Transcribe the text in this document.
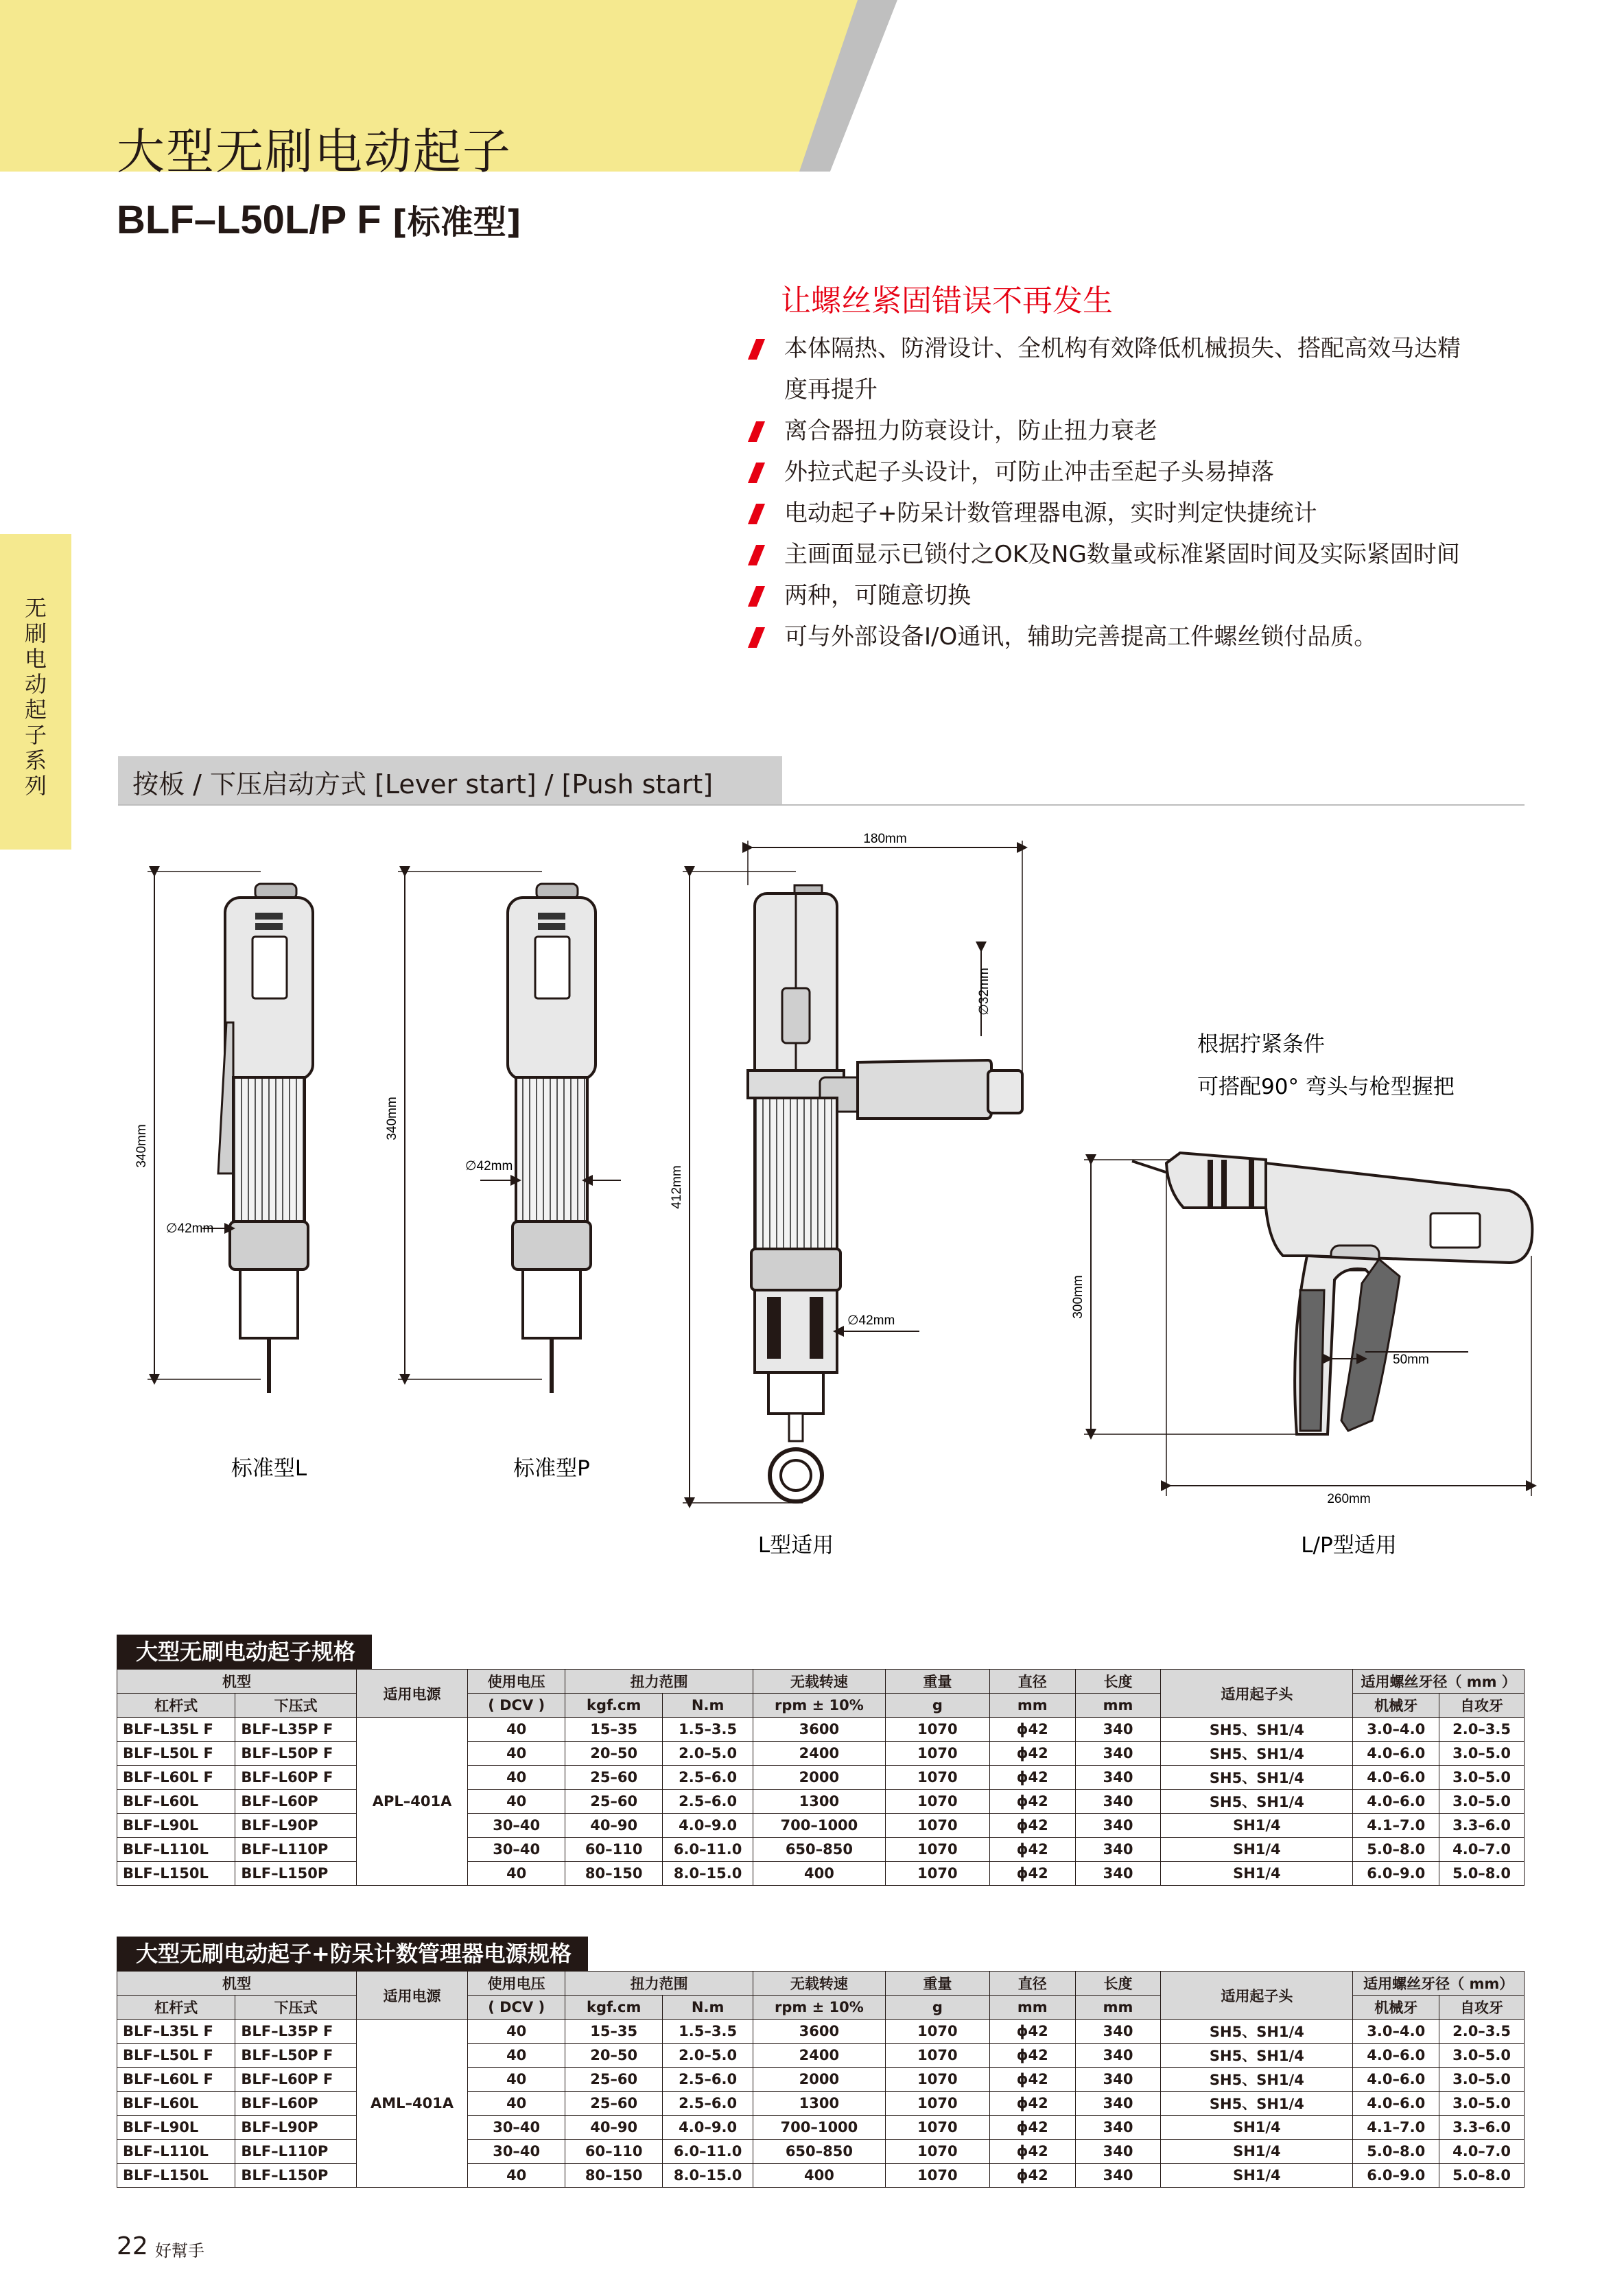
大型无刷电动起子
BLF–L50L/P F [标准型]
无刷电动起子系列
让螺丝紧固错误不再发生
本体隔热、防滑设计、全机构有效降低机械损失、搭配高效马达精
度再提升
离合器扭力防衰设计，防止扭力衰老
外拉式起子头设计，可防止冲击至起子头易掉落
电动起子+防呆计数管理器电源，实时判定快捷统计
主画面显示已锁付之OK及NG数量或标准紧固时间及实际紧固时间
两种，可随意切换
可与外部设备I/O通讯，辅助完善提高工件螺丝锁付品质。
按板 / 下压启动方式 [Lever start] / [Push start]
340mm
∅42mm
标准型L
340mm
∅42mm
标准型P
180mm
412mm
∅32mm
∅42mm
L型适用
根据拧紧条件
可搭配90° 弯头与枪型握把
300mm
50mm
260mm
L/P型适用
大型无刷电动起子规格
机型		适用电源	使用电压	扭力范围		无载转速	重量	直径	长度	适用起子头	适用螺丝牙径（ mm ）	
杠杆式	下压式		( DCV )	kgf.cm	N.m	rpm ± 10%	g	mm	mm		机械牙	自攻牙
BLF–L35L F	BLF–L35P F	APL–401A	40	15–35	1.5–3.5	3600	1070	ϕ42	340	SH5、SH1/4	3.0–4.0	2.0–3.5
BLF–L50L F	BLF–L50P F		40	20–50	2.0–5.0	2400	1070	ϕ42	340	SH5、SH1/4	4.0–6.0	3.0–5.0
BLF–L60L F	BLF–L60P F		40	25–60	2.5–6.0	2000	1070	ϕ42	340	SH5、SH1/4	4.0–6.0	3.0–5.0
BLF–L60L	BLF–L60P		40	25–60	2.5–6.0	1300	1070	ϕ42	340	SH5、SH1/4	4.0–6.0	3.0–5.0
BLF–L90L	BLF–L90P		30–40	40–90	4.0–9.0	700–1000	1070	ϕ42	340	SH1/4	4.1–7.0	3.3–6.0
BLF–L110L	BLF–L110P		30–40	60–110	6.0–11.0	650–850	1070	ϕ42	340	SH1/4	5.0–8.0	4.0–7.0
BLF–L150L	BLF–L150P		40	80–150	8.0–15.0	400	1070	ϕ42	340	SH1/4	6.0–9.0	5.0–8.0
大型无刷电动起子+防呆计数管理器电源规格
机型		适用电源	使用电压	扭力范围		无载转速	重量	直径	长度	适用起子头	适用螺丝牙径（ mm）	
杠杆式	下压式		( DCV )	kgf.cm	N.m	rpm ± 10%	g	mm	mm		机械牙	自攻牙
BLF–L35L F	BLF–L35P F	AML–401A	40	15–35	1.5–3.5	3600	1070	ϕ42	340	SH5、SH1/4	3.0–4.0	2.0–3.5
BLF–L50L F	BLF–L50P F		40	20–50	2.0–5.0	2400	1070	ϕ42	340	SH5、SH1/4	4.0–6.0	3.0–5.0
BLF–L60L F	BLF–L60P F		40	25–60	2.5–6.0	2000	1070	ϕ42	340	SH5、SH1/4	4.0–6.0	3.0–5.0
BLF–L60L	BLF–L60P		40	25–60	2.5–6.0	1300	1070	ϕ42	340	SH5、SH1/4	4.0–6.0	3.0–5.0
BLF–L90L	BLF–L90P		30–40	40–90	4.0–9.0	700–1000	1070	ϕ42	340	SH1/4	4.1–7.0	3.3–6.0
BLF–L110L	BLF–L110P		30–40	60–110	6.0–11.0	650–850	1070	ϕ42	340	SH1/4	5.0–8.0	4.0–7.0
BLF–L150L	BLF–L150P		40	80–150	8.0–15.0	400	1070	ϕ42	340	SH1/4	6.0–9.0	5.0–8.0
22 好幫手
